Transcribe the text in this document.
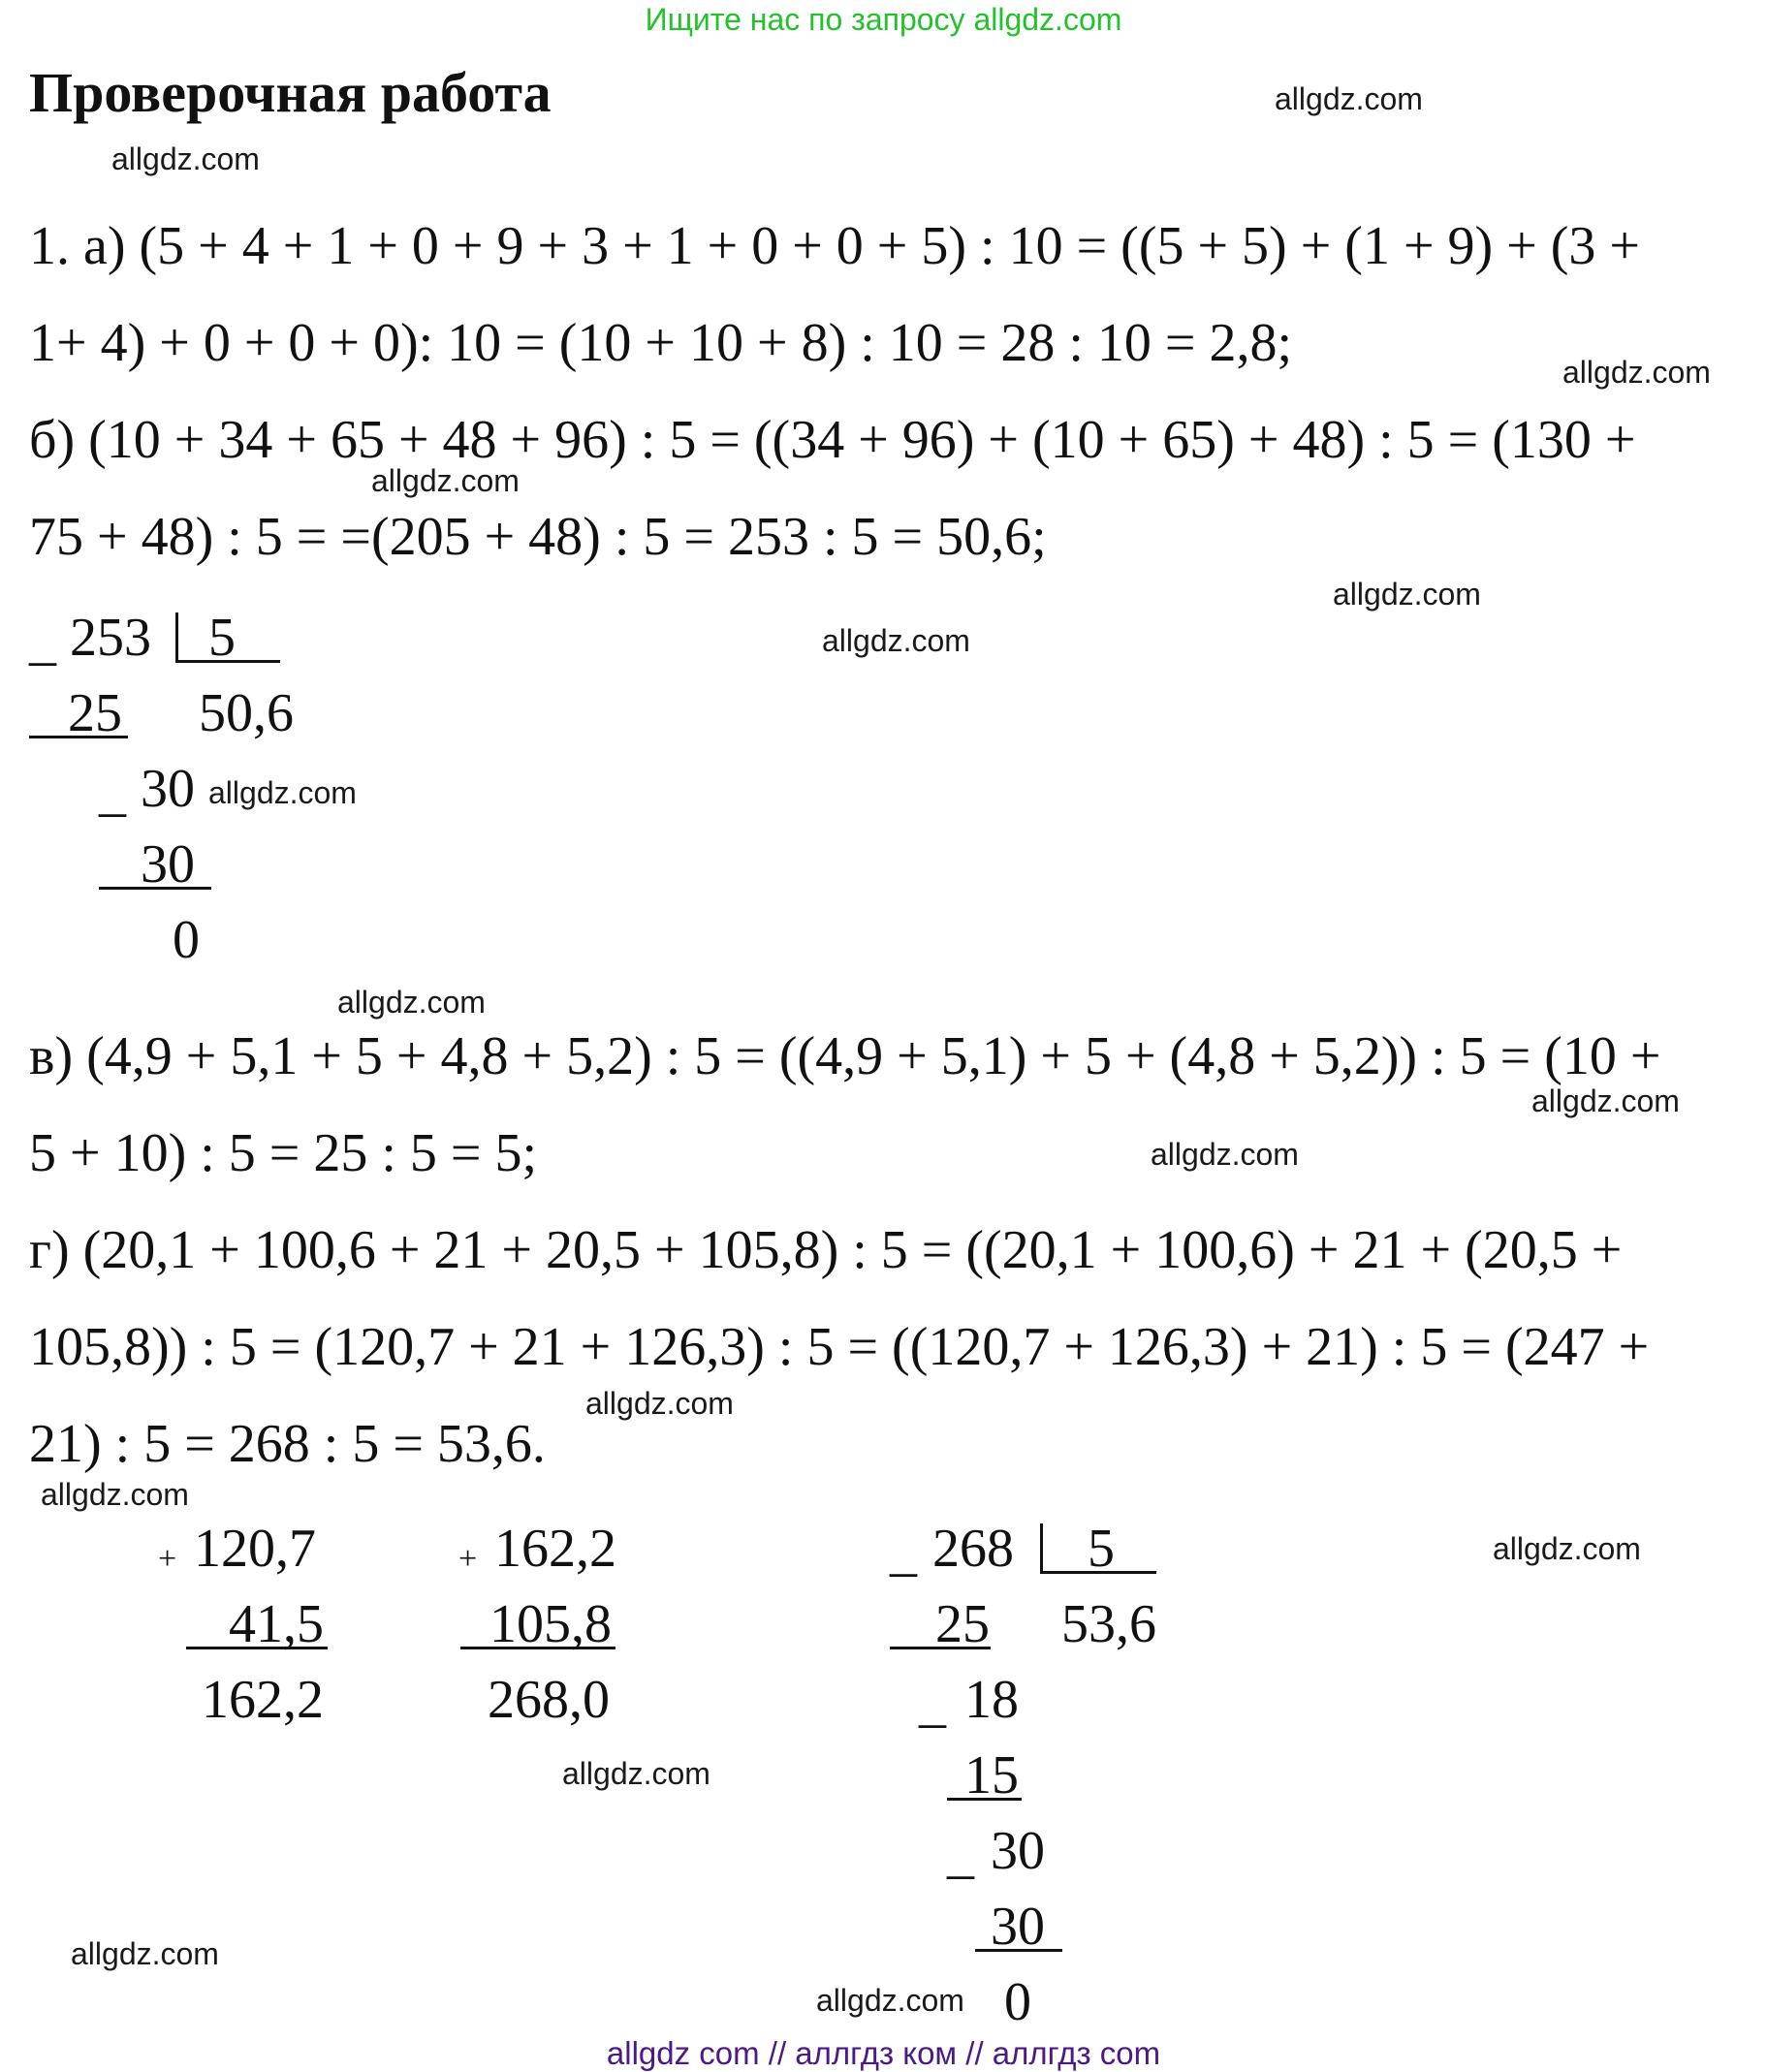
Ищите нас по запросу allgdz.com
Проверочная работа
1. а) (5 + 4 + 1 + 0 + 9 + 3 + 1 + 0 + 0 + 5) : 10 = ((5 + 5) + (1 + 9) + (3 +
1+ 4) + 0 + 0 + 0): 10 = (10 + 10 + 8) : 10 = 28 : 10 = 2,8;
б) (10 + 34 + 65 + 48 + 96) : 5 = ((34 + 96) + (10 + 65) + 48) : 5 = (130 +
75 + 48) : 5 = =(205 + 48) : 5 = 253 : 5 = 50,6;
_ 253 5
25 50,6
_ 30
30
0
в) (4,9 + 5,1 + 5 + 4,8 + 5,2) : 5 = ((4,9 + 5,1) + 5 + (4,8 + 5,2)) : 5 = (10 +
5 + 10) : 5 = 25 : 5 = 5;
г) (20,1 + 100,6 + 21 + 20,5 + 105,8) : 5 = ((20,1 + 100,6) + 21 + (20,5 +
105,8)) : 5 = (120,7 + 21 + 126,3) : 5 = ((120,7 + 126,3) + 21) : 5 = (247 +
21) : 5 = 268 : 5 = 53,6.
+ 120,7
41,5
162,2
+ 162,2
105,8
268,0
_ 268 5
25 53,6
_ 18
15
_ 30
30
0
allgdz.com
allgdz.com
allgdz.com
allgdz.com
allgdz.com
allgdz.com
allgdz.com
allgdz.com
allgdz.com
allgdz.com
allgdz.com
allgdz.com
allgdz.com
allgdz.com
allgdz.com
allgdz.com
allgdz com // аллгдз ком // аллгдз com
